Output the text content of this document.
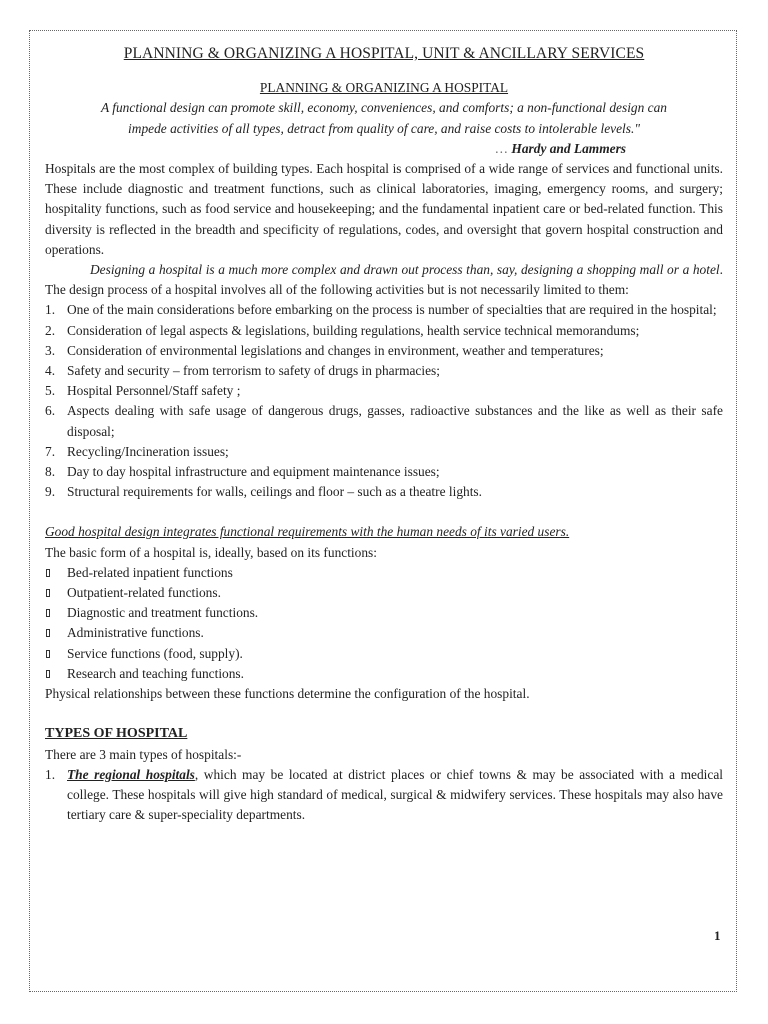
PLANNING & ORGANIZING A HOSPITAL, UNIT & ANCILLARY SERVICES

PLANNING & ORGANIZING A HOSPITAL

A functional design can promote skill, economy, conveniences, and comforts; a non-functional design can

impede activities of all types, detract from quality of care, and raise costs to intolerable levels."

… Hardy and Lammers

Hospitals are the most complex of building types. Each hospital is comprised of a wide range of services and functional units. These include diagnostic and treatment functions, such as clinical laboratories, imaging, emergency rooms, and surgery; hospitality functions, such as food service and housekeeping; and the fundamental inpatient care or bed-related function. This diversity is reflected in the breadth and specificity of regulations, codes, and oversight that govern hospital construction and operations.

Designing a hospital is a much more complex and drawn out process than, say, designing a shopping mall or a hotel. The design process of a hospital involves all of the following activities but is not necessarily limited to them:

1. One of the main considerations before embarking on the process is number of specialties that are required in the hospital;
2. Consideration of legal aspects & legislations, building regulations, health service technical memorandums;
3. Consideration of environmental legislations and changes in environment, weather and temperatures;
4. Safety and security – from terrorism to safety of drugs in pharmacies;
5. Hospital Personnel/Staff safety ;
6. Aspects dealing with safe usage of dangerous drugs, gasses, radioactive substances and the like as well as their safe disposal;
7. Recycling/Incineration issues;
8. Day to day hospital infrastructure and equipment maintenance issues;
9. Structural requirements for walls, ceilings and floor – such as a theatre lights.

Good hospital design integrates functional requirements with the human needs of its varied users.

The basic form of a hospital is, ideally, based on its functions:

Bed-related inpatient functions
Outpatient-related functions.
Diagnostic and treatment functions.
Administrative functions.
Service functions (food, supply).
Research and teaching functions.

Physical relationships between these functions determine the configuration of the hospital.

TYPES OF HOSPITAL

There are 3 main types of hospitals:-

1. The regional hospitals, which may be located at district places or chief towns & may be associated with a medical college. These hospitals will give high standard of medical, surgical & midwifery services. These hospitals may also have tertiary care & super-speciality departments.
1
